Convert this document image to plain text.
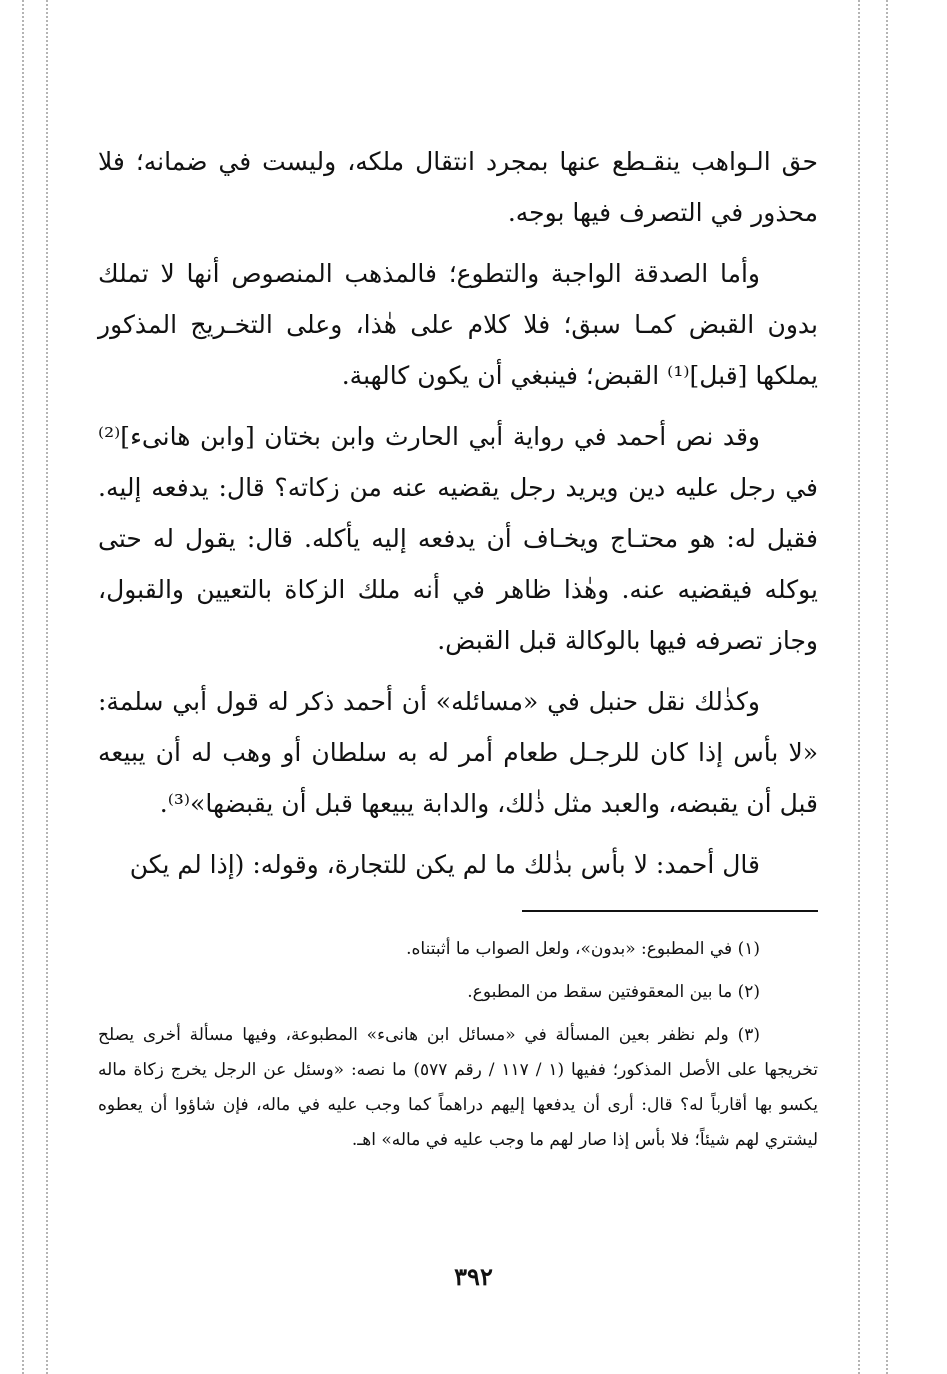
حق الـواهب ينقـطع عنها بمجرد انتقال ملكه، وليست في ضمانه؛ فلا محذور في التصرف فيها بوجه.

وأما الصدقة الواجبة والتطوع؛ فالمذهب المنصوص أنها لا تملك بدون القبض كمـا سبق؛ فلا كلام على هٰذا، وعلى التخـريج المذكور يملكها [قبل]⁽¹⁾ القبض؛ فينبغي أن يكون كالهبة.

وقد نص أحمد في رواية أبي الحارث وابن بختان [وابن هانىء]⁽²⁾ في رجل عليه دين ويريد رجل يقضيه عنه من زكاته؟ قال: يدفعه إليه. فقيل له: هو محتـاج ويخـاف أن يدفعه إليه يأكله. قال: يقول له حتى يوكله فيقضيه عنه. وهٰذا ظاهر في أنه ملك الزكاة بالتعيين والقبول، وجاز تصرفه فيها بالوكالة قبل القبض.

وكذٰلك نقل حنبل في «مسائله» أن أحمد ذكر له قول أبي سلمة: «لا بأس إذا كان للرجـل طعام أمر له به سلطان أو وهب له أن يبيعه قبل أن يقبضه، والعبد مثل ذٰلك، والدابة يبيعها قبل أن يقبضها»⁽³⁾.

قال أحمد: لا بأس بذٰلك ما لم يكن للتجارة، وقوله: (إذا لم يكن

(١) في المطبوع: «بدون»، ولعل الصواب ما أثبتناه.

(٢) ما بين المعقوفتين سقط من المطبوع.

(٣) ولم نظفر بعين المسألة في «مسائل ابن هانىء» المطبوعة، وفيها مسألة أخرى يصلح تخريجها على الأصل المذكور؛ ففيها (١ / ١١٧ / رقم ٥٧٧) ما نصه: «وسئل عن الرجل يخرج زكاة ماله يكسو بها أقارباً له؟ قال: أرى أن يدفعها إليهم دراهماً كما وجب عليه في ماله، فإن شاؤوا أن يعطوه ليشتري لهم شيئاً؛ فلا بأس إذا صار لهم ما وجب عليه في ماله» اهـ.

٣٩٢
